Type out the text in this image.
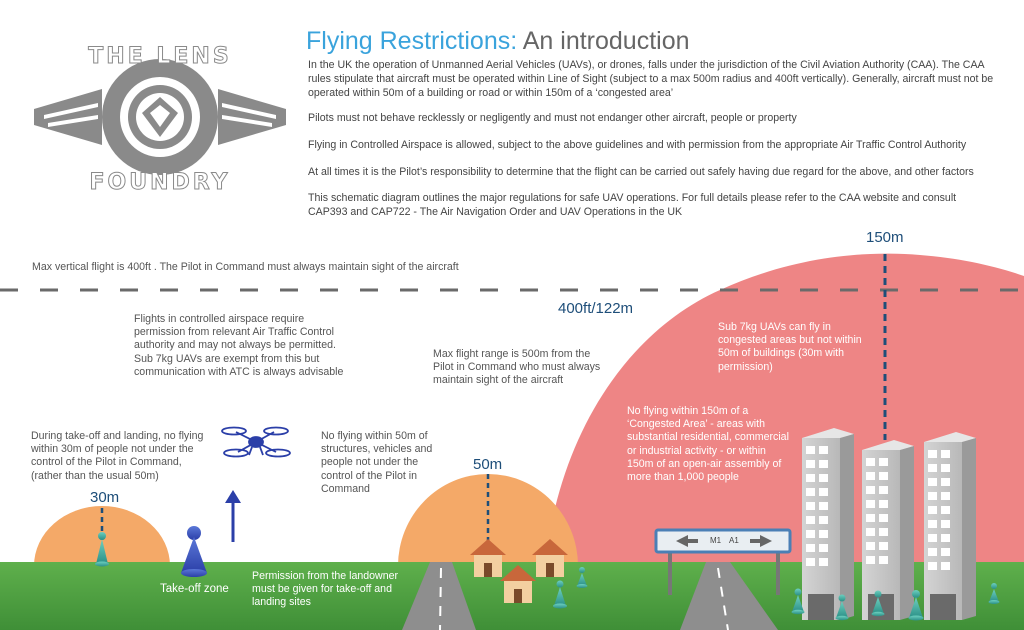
THE LENS
FOUNDRY
Flying Restrictions: An introduction
In the UK the operation of Unmanned Aerial Vehicles (UAVs), or drones, falls under the jurisdiction of the Civil Aviation Authority (CAA). The CAA rules stipulate that aircraft must be operated within Line of Sight (subject to a max 500m radius and 400ft vertically). Generally, aircraft must not be operated within 50m of a building or road or within 150m of a ‘congested area’
Pilots must not behave recklessly or negligently and must not endanger other aircraft, people or property
Flying in Controlled Airspace is allowed, subject to the above guidelines and with permission from the appropriate Air Traffic Control Authority
At all times it is the Pilot’s responsibility to determine that the flight can be carried out safely having due regard for the above, and other factors
This schematic diagram outlines the major regulations for safe UAV operations. For full details please refer to the CAA website and consult CAP393 and CAP722 - The Air Navigation Order and UAV Operations in the UK
Max vertical flight is 400ft . The Pilot in Command must always maintain sight of the aircraft
400ft/122m
150m
50m
30m
Flights in controlled airspace require permission from relevant Air Traffic Control authority and may not always be permitted. Sub 7kg UAVs are exempt from this but communication with ATC is always advisable
During take-off and landing, no flying within 30m of people not under the control of the Pilot in Command, (rather than the usual 50m)
No flying within 50m of structures, vehicles and people not under the control of the Pilot in Command
Max flight range is 500m from the Pilot in Command who must always maintain sight of the aircraft
Sub 7kg UAVs can fly in congested areas but not within 50m of buildings (30m with permission)
No flying within 150m of a ‘Congested Area’ - areas with substantial residential, commercial or industrial activity - or within 150m of an open-air assembly of more than 1,000 people
Permission from the landowner must be given for take-off and landing sites
Take-off zone
M1 A1
